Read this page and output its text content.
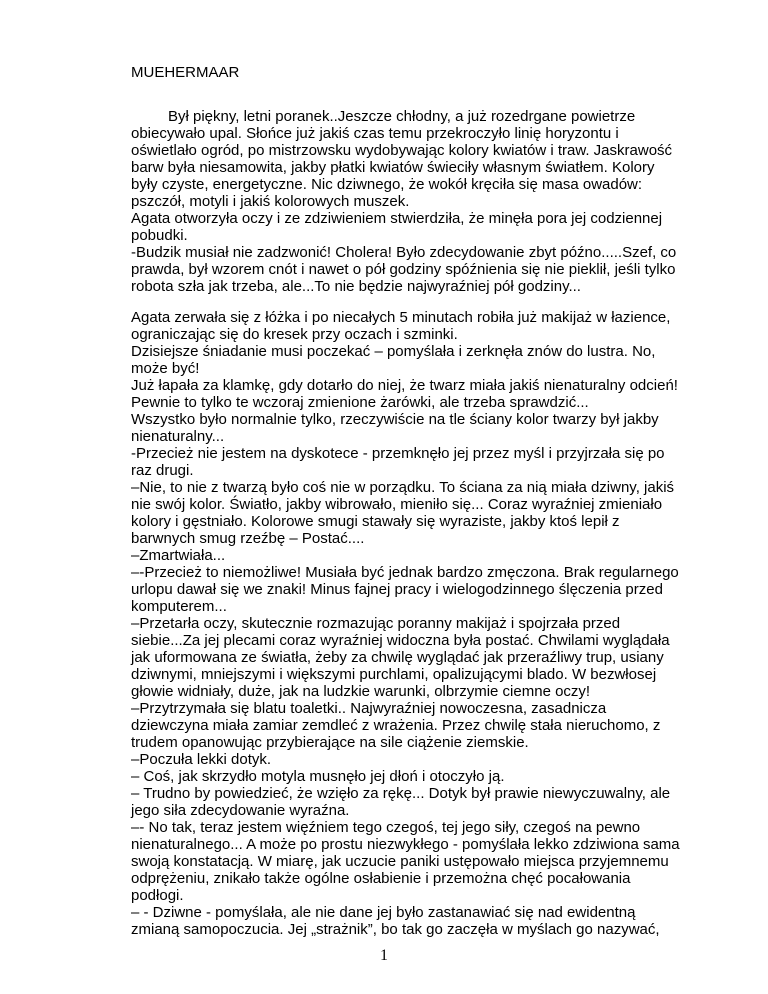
MUEHERMAAR

Był piękny, letni poranek..Jeszcze chłodny, a już rozedrgane powietrze

obiecywało upal. Słońce już jakiś czas temu przekroczyło linię horyzontu i

oświetlało ogród, po mistrzowsku wydobywając kolory kwiatów i traw. Jaskrawość

barw była niesamowita, jakby płatki kwiatów świeciły własnym światłem. Kolory

były czyste, energetyczne. Nic dziwnego, że wokół kręciła się masa owadów:

pszczół, motyli i jakiś kolorowych muszek.

Agata otworzyła oczy i ze zdziwieniem stwierdziła, że minęła pora jej codziennej

pobudki.

-Budzik musiał nie zadzwonić! Cholera! Było zdecydowanie zbyt późno.....Szef, co

prawda, był wzorem cnót i nawet o pół godziny spóźnienia się nie pieklił, jeśli tylko

robota szła jak trzeba, ale...To nie będzie najwyraźniej pół godziny...

Agata zerwała się z łóżka i po niecałych 5 minutach robiła już makijaż w łazience,

ograniczając się do kresek przy oczach i szminki.

Dzisiejsze śniadanie musi poczekać – pomyślała i zerknęła znów do lustra. No,

może być!

Już łapała za klamkę, gdy dotarło do niej, że twarz miała jakiś nienaturalny odcień!

Pewnie to tylko te wczoraj zmienione żarówki, ale trzeba sprawdzić...

Wszystko było normalnie tylko, rzeczywiście na tle ściany kolor twarzy był jakby

nienaturalny...

-Przecież nie jestem na dyskotece - przemknęło jej przez myśl i przyjrzała się po

raz drugi.

–Nie, to nie z twarzą było coś nie w porządku. To ściana za nią miała dziwny, jakiś

nie swój kolor. Światło, jakby wibrowało, mieniło się... Coraz wyraźniej zmieniało

kolory i gęstniało. Kolorowe smugi stawały się wyraziste, jakby ktoś lepił z

barwnych smug rzeźbę – Postać....

–Zmartwiała...

–-Przecież to niemożliwe! Musiała być jednak bardzo zmęczona. Brak regularnego

urlopu dawał się we znaki! Minus fajnej pracy i wielogodzinnego ślęczenia przed

komputerem...

–Przetarła oczy, skutecznie rozmazując poranny makijaż i spojrzała przed

siebie...Za jej plecami coraz wyraźniej widoczna była postać. Chwilami wyglądała

jak uformowana ze światła, żeby za chwilę wyglądać jak przeraźliwy trup, usiany

dziwnymi, mniejszymi i większymi purchlami, opalizującymi blado. W bezwłosej

głowie widniały, duże, jak na ludzkie warunki, olbrzymie ciemne oczy!

–Przytrzymała się blatu toaletki.. Najwyraźniej nowoczesna, zasadnicza

dziewczyna miała zamiar zemdleć z wrażenia. Przez chwilę stała nieruchomo, z

trudem opanowując przybierające na sile ciążenie ziemskie.

–Poczuła lekki dotyk.

– Coś, jak skrzydło motyla musnęło jej dłoń i otoczyło ją.

– Trudno by powiedzieć, że wzięło za rękę... Dotyk był prawie niewyczuwalny, ale

jego siła zdecydowanie wyraźna.

–- No tak, teraz jestem więźniem tego czegoś, tej jego siły, czegoś na pewno

nienaturalnego... A może po prostu niezwykłego - pomyślała lekko zdziwiona sama

swoją konstatacją. W miarę, jak uczucie paniki ustępowało miejsca przyjemnemu

odprężeniu, znikało także ogólne osłabienie i przemożna chęć pocałowania

podłogi.

– - Dziwne - pomyślała, ale nie dane jej było zastanawiać się nad ewidentną

zmianą samopoczucia. Jej „strażnik”, bo tak go zaczęła w myślach go nazywać,

1
